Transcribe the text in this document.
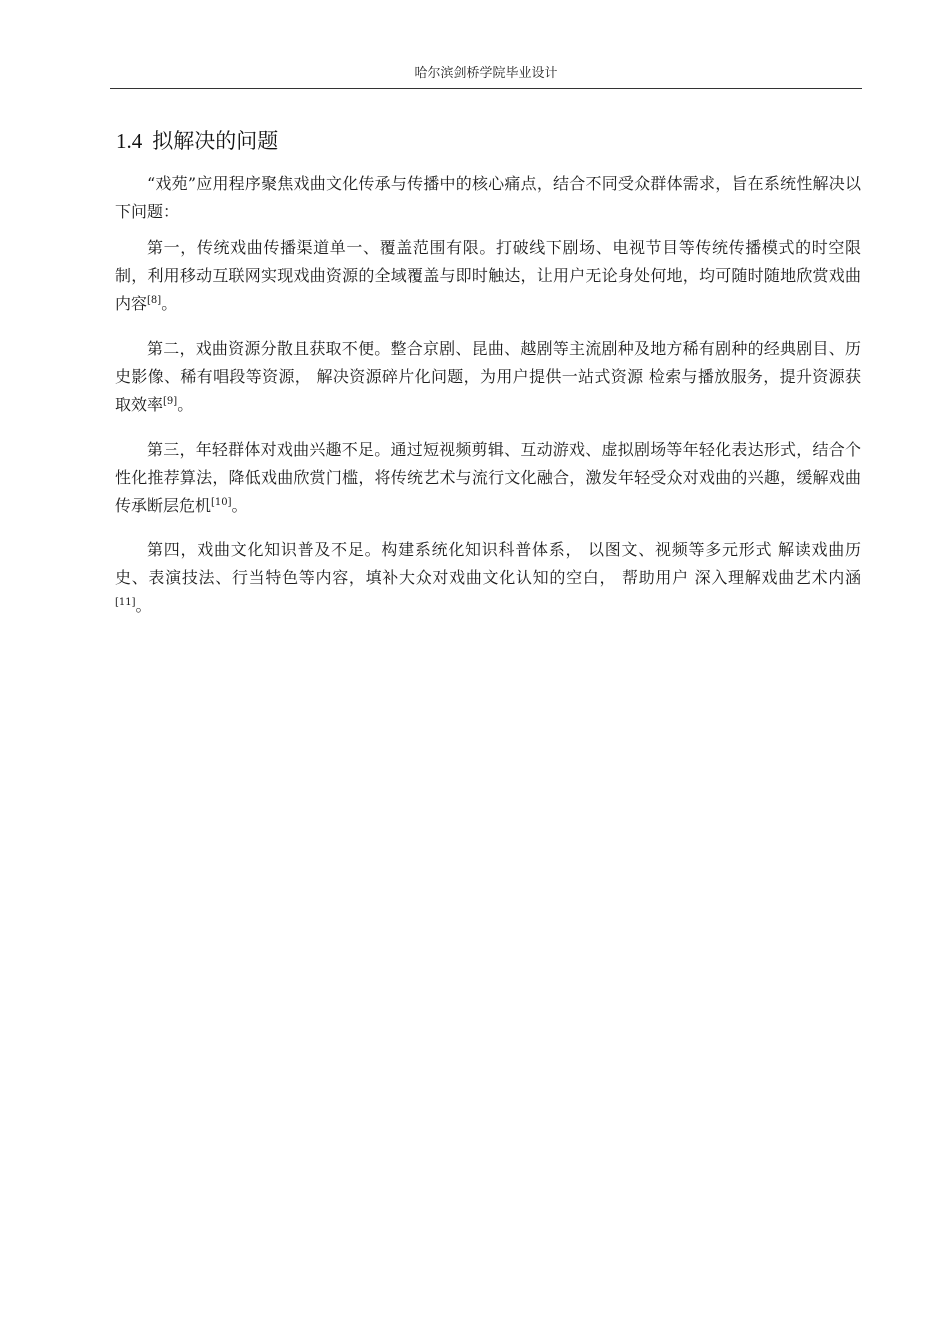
哈尔滨剑桥学院毕业设计
1.4 拟解决的问题

“戏苑”应用程序聚焦戏曲文化传承与传播中的核心痛点，结合不同受众群体需求，旨在系统性解决以下问题：

第一，传统戏曲传播渠道单一、覆盖范围有限。打破线下剧场、电视节目等传统传播模式的时空限制，利用移动互联网实现戏曲资源的全域覆盖与即时触达，让用户无论身处何地，均可随时随地欣赏戏曲内容[8]。

第二，戏曲资源分散且获取不便。整合京剧、昆曲、越剧等主流剧种及地方稀有剧种的经典剧目、历史影像、稀有唱段等资源， 解决资源碎片化问题，为用户提供一站式资源 检索与播放服务，提升资源获取效率[9]。

第三，年轻群体对戏曲兴趣不足。通过短视频剪辑、互动游戏、虚拟剧场等年轻化表达形式，结合个性化推荐算法，降低戏曲欣赏门槛，将传统艺术与流行文化融合，激发年轻受众对戏曲的兴趣，缓解戏曲传承断层危机[10]。

第四，戏曲文化知识普及不足。构建系统化知识科普体系， 以图文、视频等多元形式 解读戏曲历史、表演技法、行当特色等内容，填补大众对戏曲文化认知的空白， 帮助用户 深入理解戏曲艺术内涵[11]。
